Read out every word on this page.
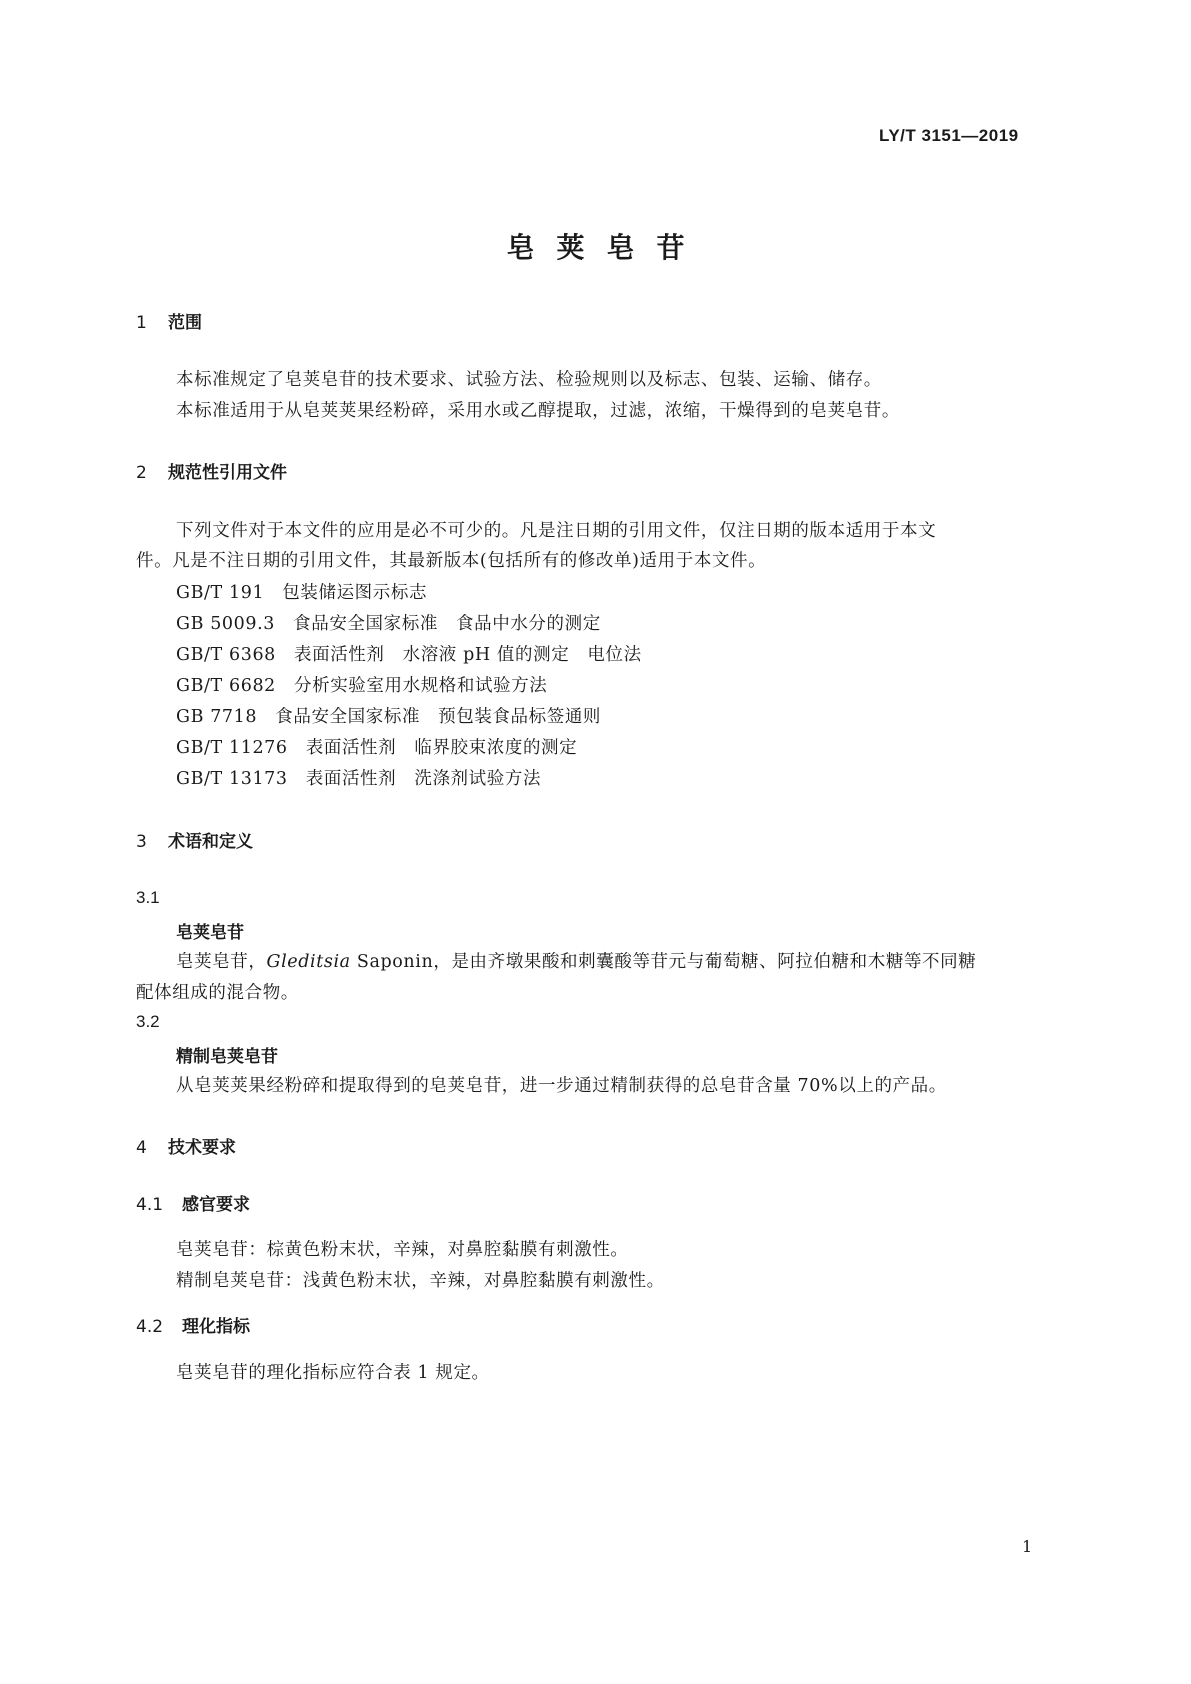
LY/T 3151—2019
皂荚皂苷
1 范围
本标准规定了皂荚皂苷的技术要求、试验方法、检验规则以及标志、包装、运输、储存。
本标准适用于从皂荚荚果经粉碎，采用水或乙醇提取，过滤，浓缩，干燥得到的皂荚皂苷。
2 规范性引用文件
下列文件对于本文件的应用是必不可少的。凡是注日期的引用文件，仅注日期的版本适用于本文
件。凡是不注日期的引用文件，其最新版本(包括所有的修改单)适用于本文件。
GB/T 191　包装储运图示标志
GB 5009.3　食品安全国家标准　食品中水分的测定
GB/T 6368　表面活性剂　水溶液 pH 值的测定　电位法
GB/T 6682　分析实验室用水规格和试验方法
GB 7718　食品安全国家标准　预包装食品标签通则
GB/T 11276　表面活性剂　临界胶束浓度的测定
GB/T 13173　表面活性剂　洗涤剂试验方法
3 术语和定义
3.1
皂荚皂苷
皂荚皂苷，Gleditsia Saponin，是由齐墩果酸和刺囊酸等苷元与葡萄糖、阿拉伯糖和木糖等不同糖
配体组成的混合物。
3.2
精制皂荚皂苷
从皂荚荚果经粉碎和提取得到的皂荚皂苷，进一步通过精制获得的总皂苷含量 70%以上的产品。
4 技术要求
4.1 感官要求
皂荚皂苷：棕黄色粉末状，辛辣，对鼻腔黏膜有刺激性。
精制皂荚皂苷：浅黄色粉末状，辛辣，对鼻腔黏膜有刺激性。
4.2 理化指标
皂荚皂苷的理化指标应符合表 1 规定。
1
